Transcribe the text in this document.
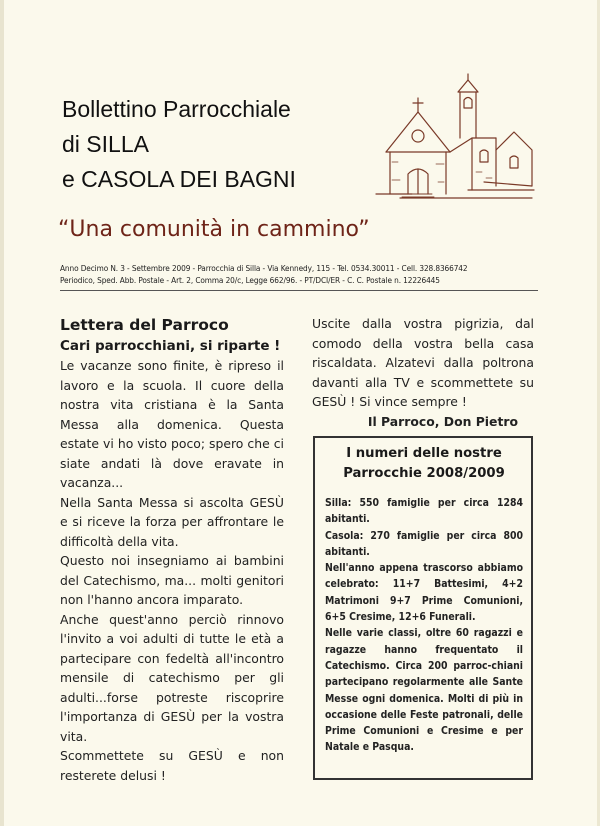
Bollettino Parrocchiale
di SILLA
e CASOLA DEI BAGNI
“Una comunità in cammino”
Anno Decimo N. 3 - Settembre 2009 - Parrocchia di Silla - Via Kennedy, 115 - Tel. 0534.30011 - Cell. 328.8366742
Periodico, Sped. Abb. Postale - Art. 2, Comma 20/c, Legge 662/96. - PT/DCI/ER - C. C. Postale n. 12226445
Lettera del Parroco
Cari parrocchiani, si riparte !

Le vacanze sono finite, è ripreso il lavoro e la scuola. Il cuore della nostra vita cristiana è la Santa Messa alla domenica. Questa estate vi ho visto poco; spero che ci siate andati là dove eravate in vacanza...

Nella Santa Messa si ascolta GESÙ e si riceve la forza per affrontare le difficoltà della vita.

Questo noi insegniamo ai bambini del Catechismo, ma... molti genitori non l'hanno ancora imparato.

Anche quest'anno perciò rinnovo l'invito a voi adulti di tutte le età a partecipare con fedeltà all'incontro mensile di catechismo per gli adulti...forse potreste riscoprire l'importanza di GESÙ per la vostra vita.

Scommettete su GESÙ e non resterete delusi !

Uscite dalla vostra pigrizia, dal comodo della vostra bella casa riscaldata. Alzatevi dalla poltrona davanti alla TV e scommettete su GESÙ ! Si vince sempre !

Il Parroco, Don Pietro
I numeri delle nostre
Parrocchie 2008/2009

Silla: 550 famiglie per circa 1284 abitanti.

Casola: 270 famiglie per circa 800 abitanti.

Nell'anno appena trascorso abbiamo celebrato: 11+7 Battesimi, 4+2 Matrimoni 9+7 Prime Comunioni, 6+5 Cresime, 12+6 Funerali.

Nelle varie classi, oltre 60 ragazzi e ragazze hanno frequentato il Catechismo. Circa 200 parroc-chiani partecipano regolarmente alle Sante Messe ogni domenica. Molti di più in occasione delle Feste patronali, delle Prime Comunioni e Cresime e per Natale e Pasqua.
